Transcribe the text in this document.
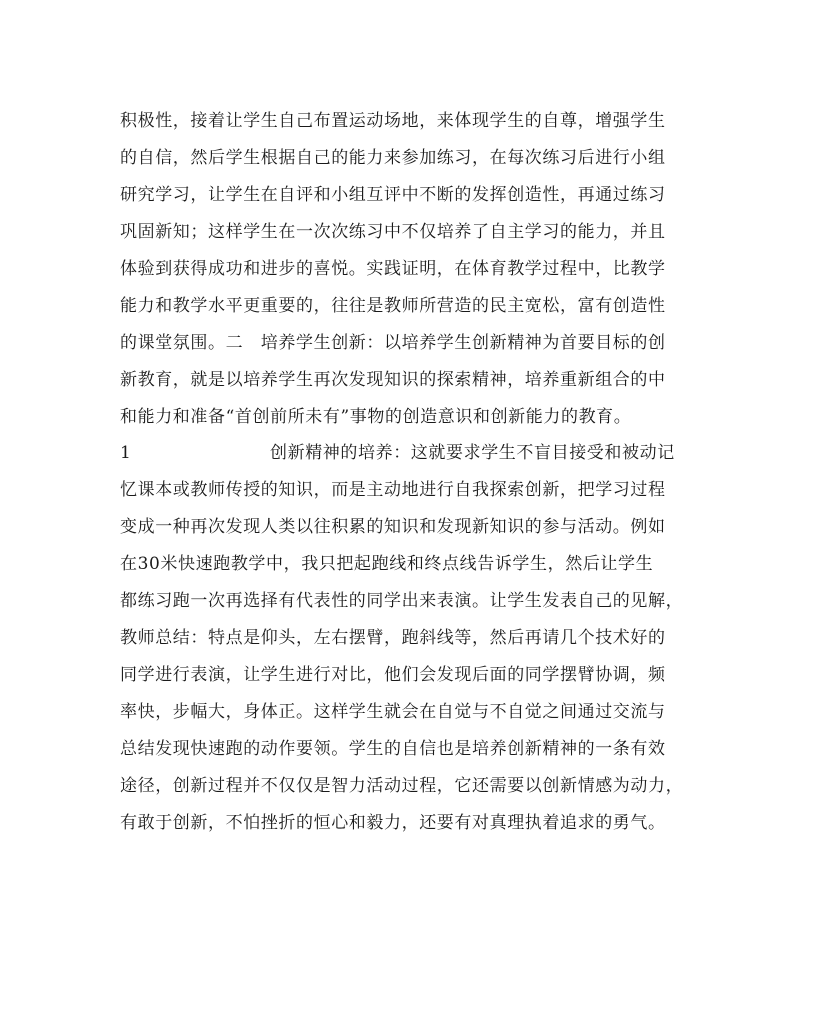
积极性，接着让学生自己布置运动场地，来体现学生的自尊，增强学生
的自信，然后学生根据自己的能力来参加练习，在每次练习后进行小组
研究学习，让学生在自评和小组互评中不断的发挥创造性，再通过练习
巩固新知；这样学生在一次次练习中不仅培养了自主学习的能力，并且
体验到获得成功和进步的喜悦。实践证明，在体育教学过程中，比教学
能力和教学水平更重要的，往往是教师所营造的民主宽松，富有创造性
的课堂氛围。二　培养学生创新：以培养学生创新精神为首要目标的创
新教育，就是以培养学生再次发现知识的探索精神，培养重新组合的中
和能力和准备“首创前所未有”事物的创造意识和创新能力的教育。
1	创新精神的培养：这就要求学生不盲目接受和被动记
忆课本或教师传授的知识，而是主动地进行自我探索创新，把学习过程
变成一种再次发现人类以往积累的知识和发现新知识的参与活动。例如
在30米快速跑教学中，我只把起跑线和终点线告诉学生，然后让学生
都练习跑一次再选择有代表性的同学出来表演。让学生发表自己的见解，
教师总结：特点是仰头，左右摆臂，跑斜线等，然后再请几个技术好的
同学进行表演，让学生进行对比，他们会发现后面的同学摆臂协调，频
率快，步幅大，身体正。这样学生就会在自觉与不自觉之间通过交流与
总结发现快速跑的动作要领。学生的自信也是培养创新精神的一条有效
途径，创新过程并不仅仅是智力活动过程，它还需要以创新情感为动力，
有敢于创新，不怕挫折的恒心和毅力，还要有对真理执着追求的勇气。
